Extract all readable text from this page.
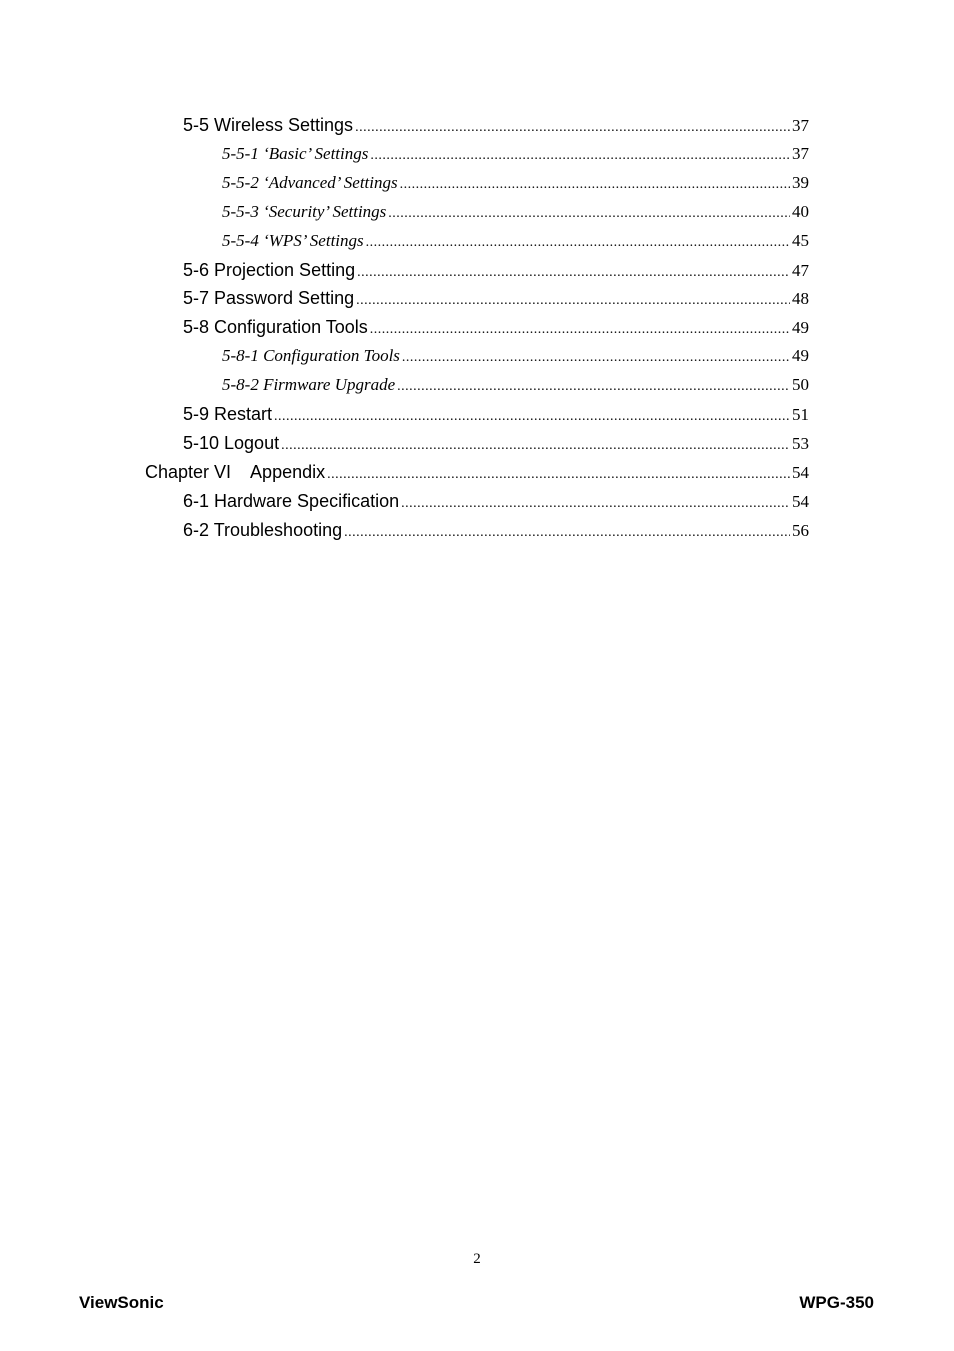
5-5 Wireless Settings .....	37
5-5-1 ‘Basic’ Settings .....	37
5-5-2 ‘Advanced’ Settings .....	39
5-5-3 ‘Security’ Settings .....	40
5-5-4 ‘WPS’ Settings .....	45
5-6 Projection Setting .....	47
5-7 Password Setting .....	48
5-8 Configuration Tools .....	49
5-8-1 Configuration Tools .....	49
5-8-2 Firmware Upgrade .....	50
5-9 Restart .....	51
5-10 Logout .....	53
Chapter VI    Appendix .....	54
6-1 Hardware Specification .....	54
6-2 Troubleshooting .....	56
2
ViewSonic	WPG-350
